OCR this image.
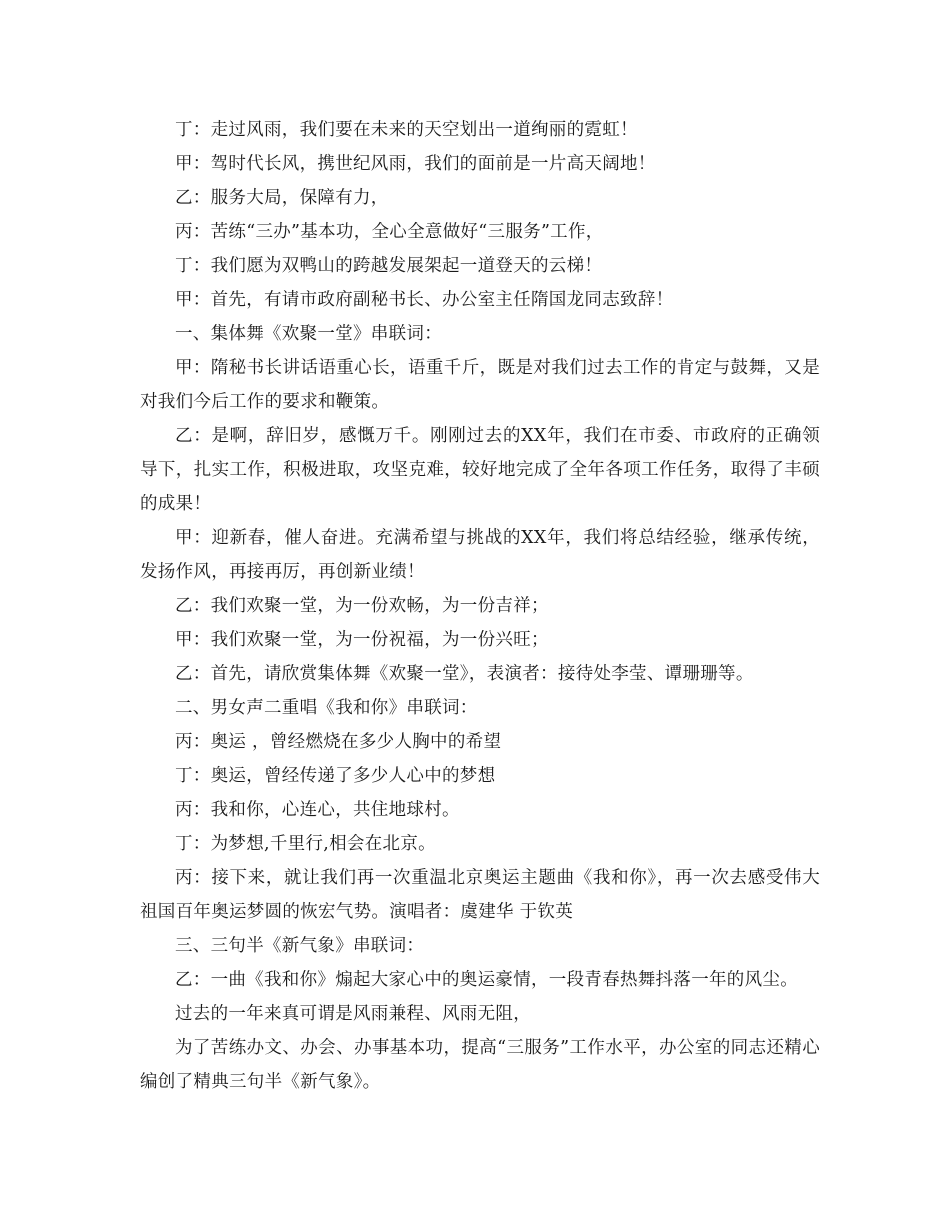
丁：走过风雨，我们要在未来的天空划出一道绚丽的霓虹！

甲：驾时代长风，携世纪风雨，我们的面前是一片高天阔地！

乙：服务大局，保障有力，

丙：苦练“三办”基本功，全心全意做好“三服务”工作，

丁：我们愿为双鸭山的跨越发展架起一道登天的云梯！

甲：首先，有请市政府副秘书长、办公室主任隋国龙同志致辞！

一、集体舞《欢聚一堂》串联词：

甲：隋秘书长讲话语重心长，语重千斤，既是对我们过去工作的肯定与鼓舞，又是对我们今后工作的要求和鞭策。

乙：是啊，辞旧岁，感慨万千。刚刚过去的XX年，我们在市委、市政府的正确领导下，扎实工作，积极进取，攻坚克难，较好地完成了全年各项工作任务，取得了丰硕的成果！

甲：迎新春，催人奋进。充满希望与挑战的XX年，我们将总结经验，继承传统，发扬作风，再接再厉，再创新业绩！

乙：我们欢聚一堂，为一份欢畅，为一份吉祥；

甲：我们欢聚一堂，为一份祝福，为一份兴旺；

乙：首先，请欣赏集体舞《欢聚一堂》，表演者：接待处李莹、谭珊珊等。

二、男女声二重唱《我和你》串联词：

丙：奥运 ，曾经燃烧在多少人胸中的希望

丁：奥运，曾经传递了多少人心中的梦想

丙：我和你，心连心，共住地球村。

丁：为梦想,千里行,相会在北京。

丙：接下来，就让我们再一次重温北京奥运主题曲《我和你》，再一次去感受伟大祖国百年奥运梦圆的恢宏气势。演唱者：虞建华 于钦英

三、三句半《新气象》串联词：

乙：一曲《我和你》煽起大家心中的奥运豪情，一段青春热舞抖落一年的风尘。

过去的一年来真可谓是风雨兼程、风雨无阻，

为了苦练办文、办会、办事基本功，提高“三服务”工作水平，办公室的同志还精心编创了精典三句半《新气象》。
